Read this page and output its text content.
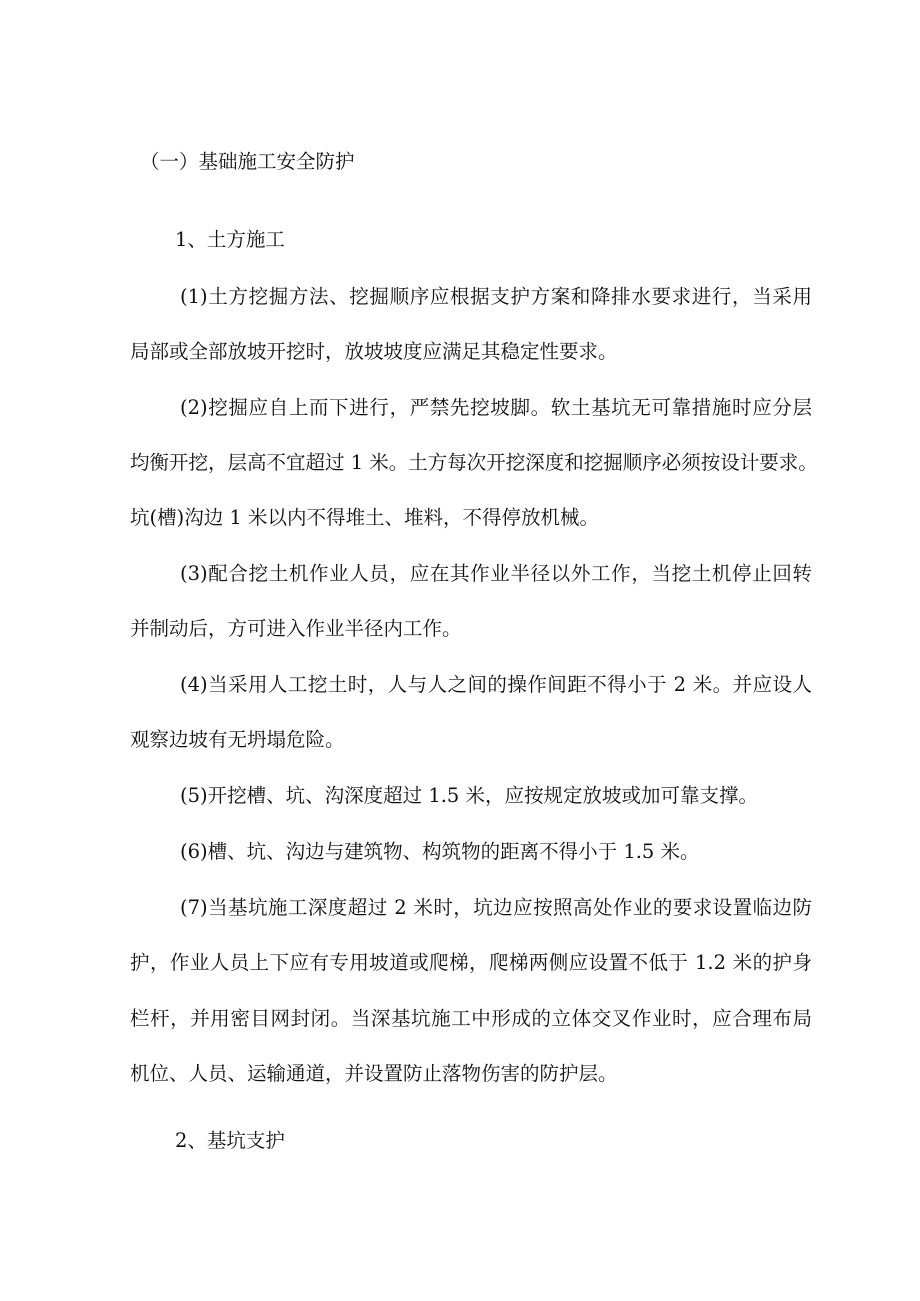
（一）基础施工安全防护
1、土方施工
(1)土方挖掘方法、挖掘顺序应根据支护方案和降排水要求进行，当采用
局部或全部放坡开挖时，放坡坡度应满足其稳定性要求。
(2)挖掘应自上而下进行，严禁先挖坡脚。软土基坑无可靠措施时应分层
均衡开挖，层高不宜超过 1 米。土方每次开挖深度和挖掘顺序必须按设计要求。
坑(槽)沟边 1 米以内不得堆土、堆料，不得停放机械。
(3)配合挖土机作业人员，应在其作业半径以外工作，当挖土机停止回转
并制动后，方可进入作业半径内工作。
(4)当采用人工挖土时，人与人之间的操作间距不得小于 2 米。并应设人
观察边坡有无坍塌危险。
(5)开挖槽、坑、沟深度超过 1.5 米，应按规定放坡或加可靠支撑。
(6)槽、坑、沟边与建筑物、构筑物的距离不得小于 1.5 米。
(7)当基坑施工深度超过 2 米时，坑边应按照高处作业的要求设置临边防
护，作业人员上下应有专用坡道或爬梯，爬梯两侧应设置不低于 1.2 米的护身
栏杆，并用密目网封闭。当深基坑施工中形成的立体交叉作业时，应合理布局
机位、人员、运输通道，并设置防止落物伤害的防护层。
2、基坑支护
